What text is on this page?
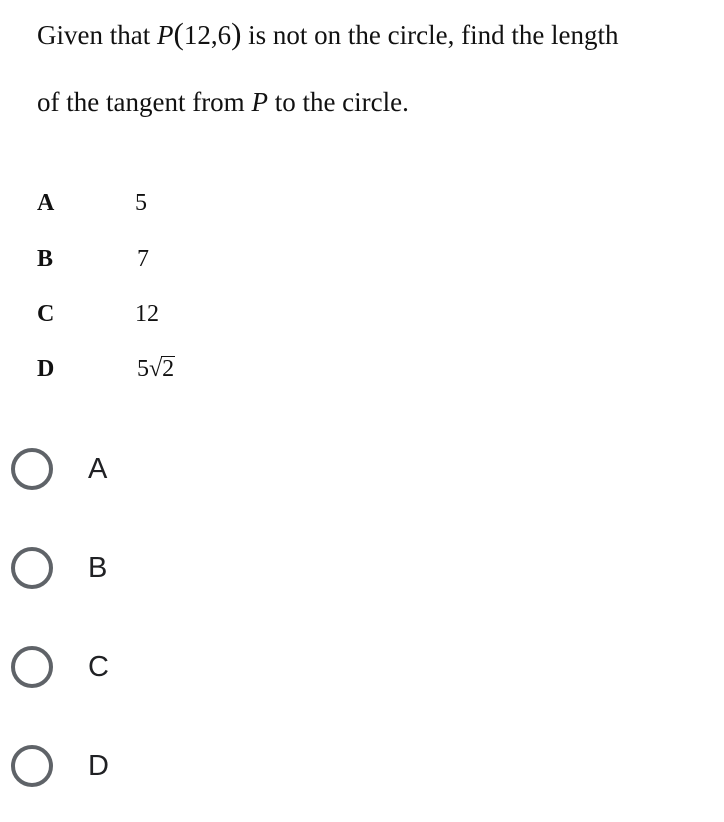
Given that P(12,6) is not on the circle, find the length
of the tangent from P to the circle.
A	5
B	7
C	12
D	5√2
A
B
C
D
